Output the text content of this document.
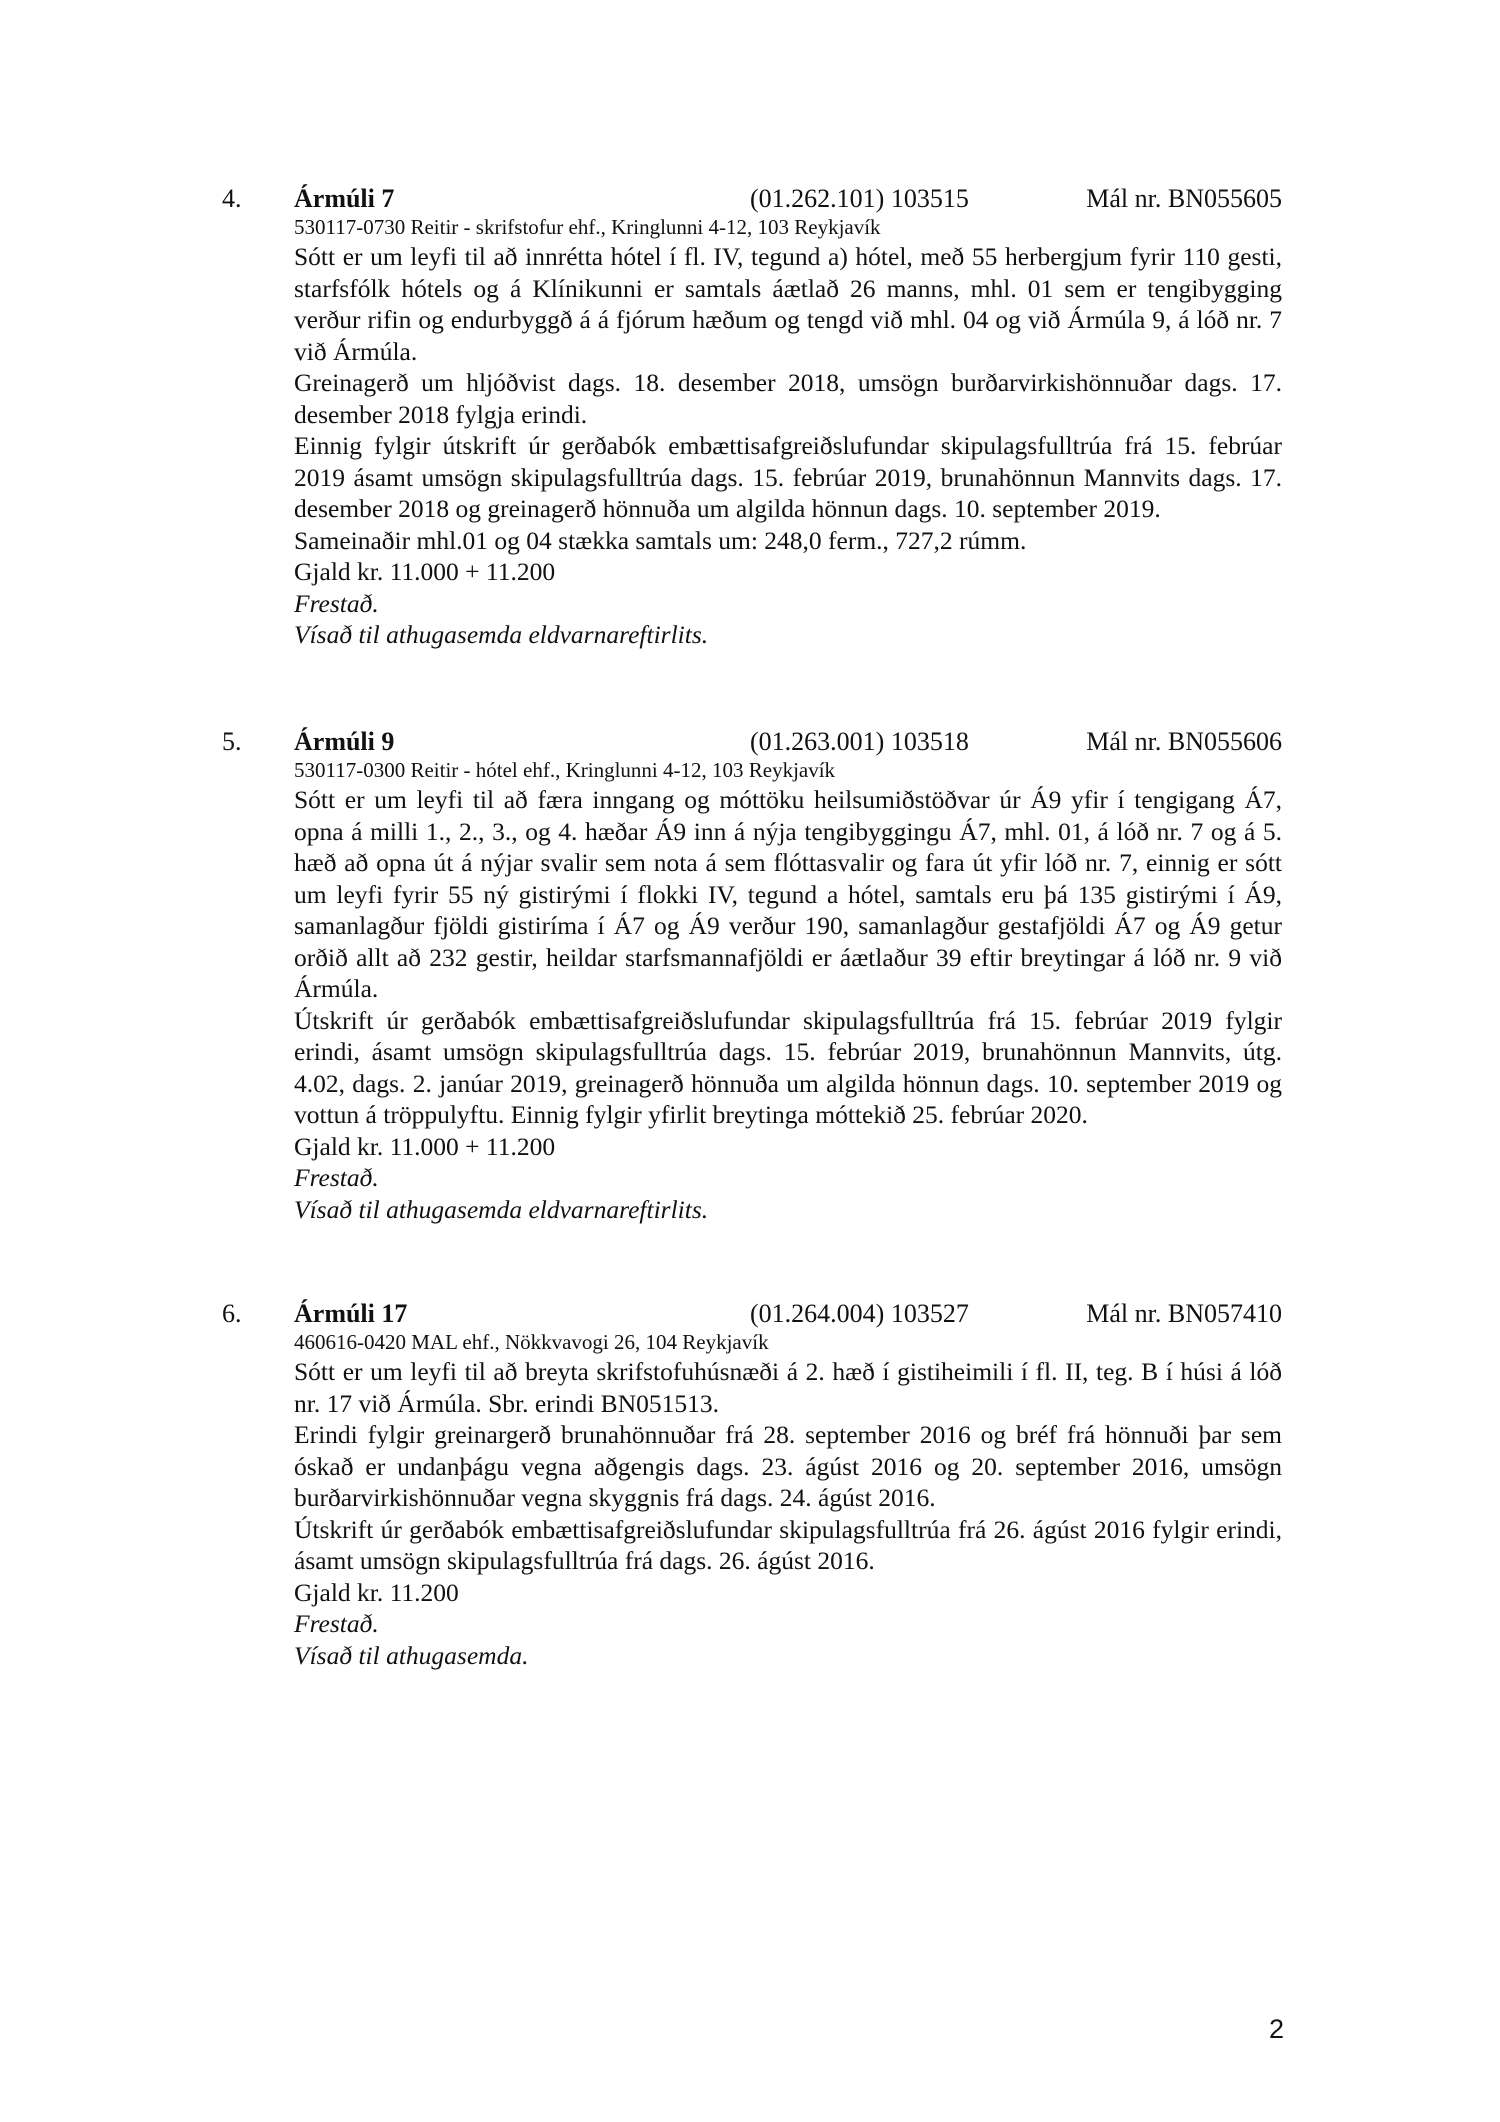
4. Ármúli 7	(01.262.101) 103515	Mál nr. BN055605
530117-0730 Reitir - skrifstofur ehf., Kringlunni 4-12, 103 Reykjavík

Sótt er um leyfi til að innrétta hótel í fl. IV, tegund a) hótel, með 55 herbergjum fyrir 110 gesti, starfsfólk hótels og á Klínikunni er samtals áætlað 26 manns, mhl. 01 sem er tengibygging verður rifin og endurbyggð á á fjórum hæðum og tengd við mhl. 04 og við Ármúla 9, á lóð nr. 7 við Ármúla.

Greinagerð um hljóðvist dags. 18. desember 2018, umsögn burðarvirkishönnuðar dags. 17. desember 2018 fylgja erindi.

Einnig fylgir útskrift úr gerðabók embættisafgreiðslufundar skipulagsfulltrúa frá 15. febrúar 2019 ásamt umsögn skipulagsfulltrúa dags. 15. febrúar 2019, brunahönnun Mannvits dags. 17. desember 2018 og greinagerð hönnuða um algilda hönnun dags. 10. september 2019.

Sameinaðir mhl.01 og 04 stækka samtals um: 248,0 ferm., 727,2 rúmm.

Gjald kr. 11.000 + 11.200

Frestað.

Vísað til athugasemda eldvarnareftirlits.

5. Ármúli 9	(01.263.001) 103518	Mál nr. BN055606
530117-0300 Reitir - hótel ehf., Kringlunni 4-12, 103 Reykjavík

Sótt er um leyfi til að færa inngang og móttöku heilsumiðstöðvar úr Á9 yfir í tengigang Á7, opna á milli 1., 2., 3., og 4. hæðar Á9 inn á nýja tengibyggingu Á7, mhl. 01, á lóð nr. 7 og á 5. hæð að opna út á nýjar svalir sem nota á sem flóttasvalir og fara út yfir lóð nr. 7, einnig er sótt um leyfi fyrir 55 ný gistirými í flokki IV, tegund a hótel, samtals eru þá 135 gistirými í Á9, samanlagður fjöldi gistiríma í Á7 og Á9 verður 190, samanlagður gestafjöldi Á7 og Á9 getur orðið allt að 232 gestir, heildar starfsmannafjöldi er áætlaður 39 eftir breytingar á lóð nr. 9 við Ármúla.

Útskrift úr gerðabók embættisafgreiðslufundar skipulagsfulltrúa frá 15. febrúar 2019 fylgir erindi, ásamt umsögn skipulagsfulltrúa dags. 15. febrúar 2019, brunahönnun Mannvits, útg. 4.02, dags. 2. janúar 2019, greinagerð hönnuða um algilda hönnun dags. 10. september 2019 og vottun á tröppulyftu. Einnig fylgir yfirlit breytinga móttekið 25. febrúar 2020.

Gjald kr. 11.000 + 11.200

Frestað.

Vísað til athugasemda eldvarnareftirlits.

6. Ármúli 17	(01.264.004) 103527	Mál nr. BN057410
460616-0420 MAL ehf., Nökkvavogi 26, 104 Reykjavík

Sótt er um leyfi til að breyta skrifstofuhúsnæði á 2. hæð í gistiheimili í fl. II, teg. B í húsi á lóð nr. 17 við Ármúla. Sbr. erindi BN051513.

Erindi fylgir greinargerð brunahönnuðar frá 28. september 2016 og bréf frá hönnuði þar sem óskað er undanþágu vegna aðgengis dags. 23. ágúst 2016 og 20. september 2016, umsögn burðarvirkishönnuðar vegna skyggnis frá dags. 24. ágúst 2016.

Útskrift úr gerðabók embættisafgreiðslufundar skipulagsfulltrúa frá 26. ágúst 2016 fylgir erindi, ásamt umsögn skipulagsfulltrúa frá dags. 26. ágúst 2016.

Gjald kr. 11.200

Frestað.

Vísað til athugasemda.

2
